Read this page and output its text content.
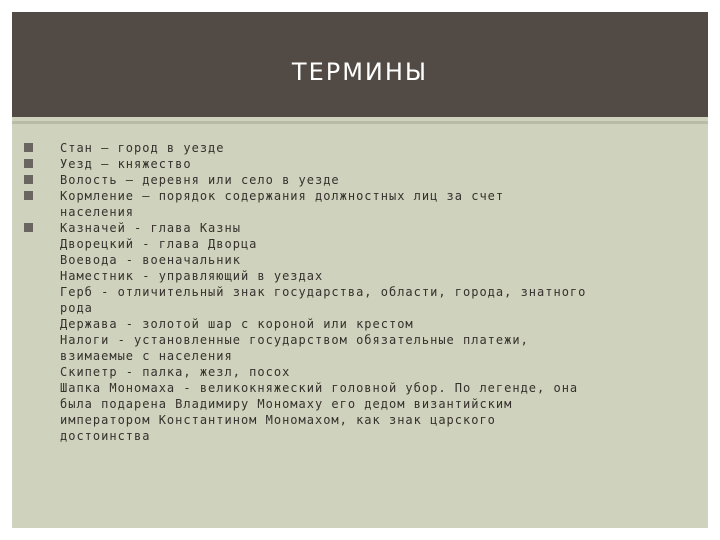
ТЕРМИНЫ
Стан – город в уезде
Уезд – княжество
Волость – деревня или село в уезде
Кормление – порядок содержания должностных лиц за счет
населения
Казначей - глава Казны
Дворецкий - глава Дворца
Воевода - военачальник
Наместник - управляющий в уездах
Герб - отличительный знак государства, области, города, знатного
рода
Держава - золотой шар с короной или крестом
Налоги - установленные государством обязательные платежи,
взимаемые с населения
Скипетр - палка, жезл, посох
Шапка Мономаха - великокняжеский головной убор. По легенде, она
была подарена Владимиру Мономаху его дедом византийским
императором Константином Мономахом, как знак царского
достоинства
